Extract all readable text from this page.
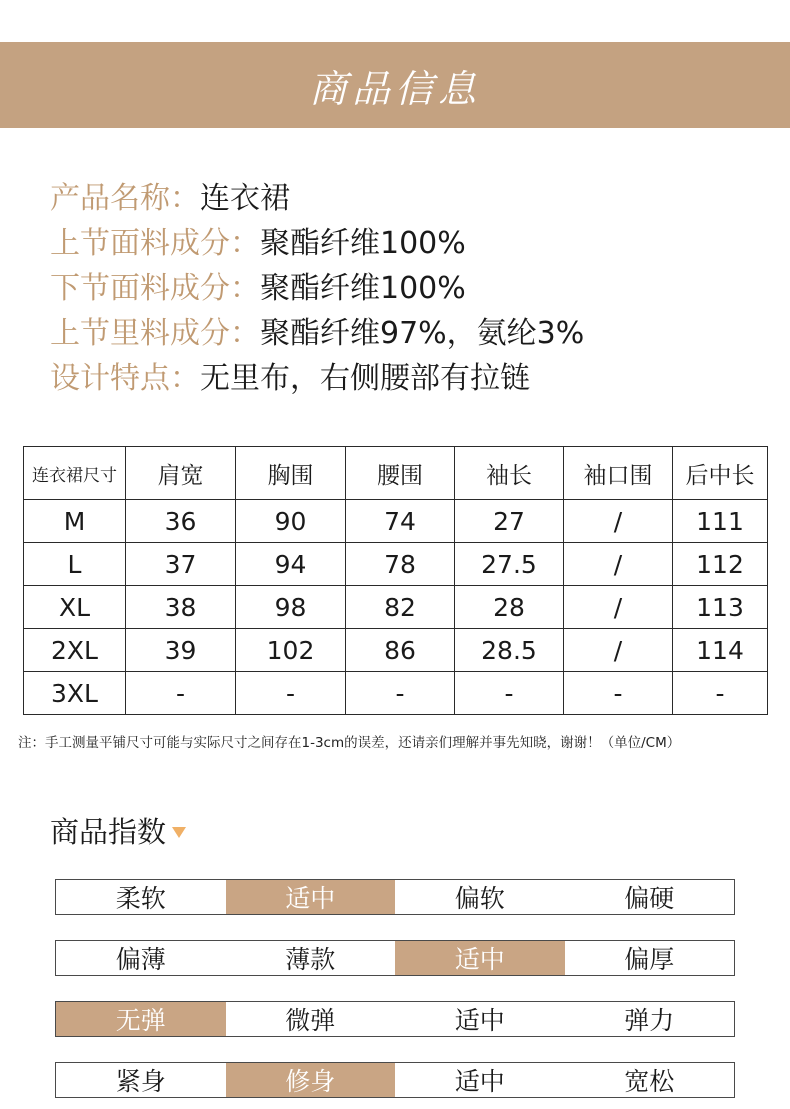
商品信息
产品名称：连衣裙
上节面料成分：聚酯纤维100%
下节面料成分：聚酯纤维100%
上节里料成分：聚酯纤维97%，氨纶3%
设计特点：无里布，右侧腰部有拉链
连衣裙尺寸	肩宽	胸围	腰围	袖长	袖口围	后中长
M	36	90	74	27	/	111
L	37	94	78	27.5	/	112
XL	38	98	82	28	/	113
2XL	39	102	86	28.5	/	114
3XL	-	-	-	-	-	-
注：手工测量平铺尺寸可能与实际尺寸之间存在1-3cm的误差，还请亲们理解并事先知晓，谢谢！（单位/CM）
商品指数
柔软	适中	偏软	偏硬
偏薄	薄款	适中	偏厚
无弹	微弹	适中	弹力
紧身	修身	适中	宽松
